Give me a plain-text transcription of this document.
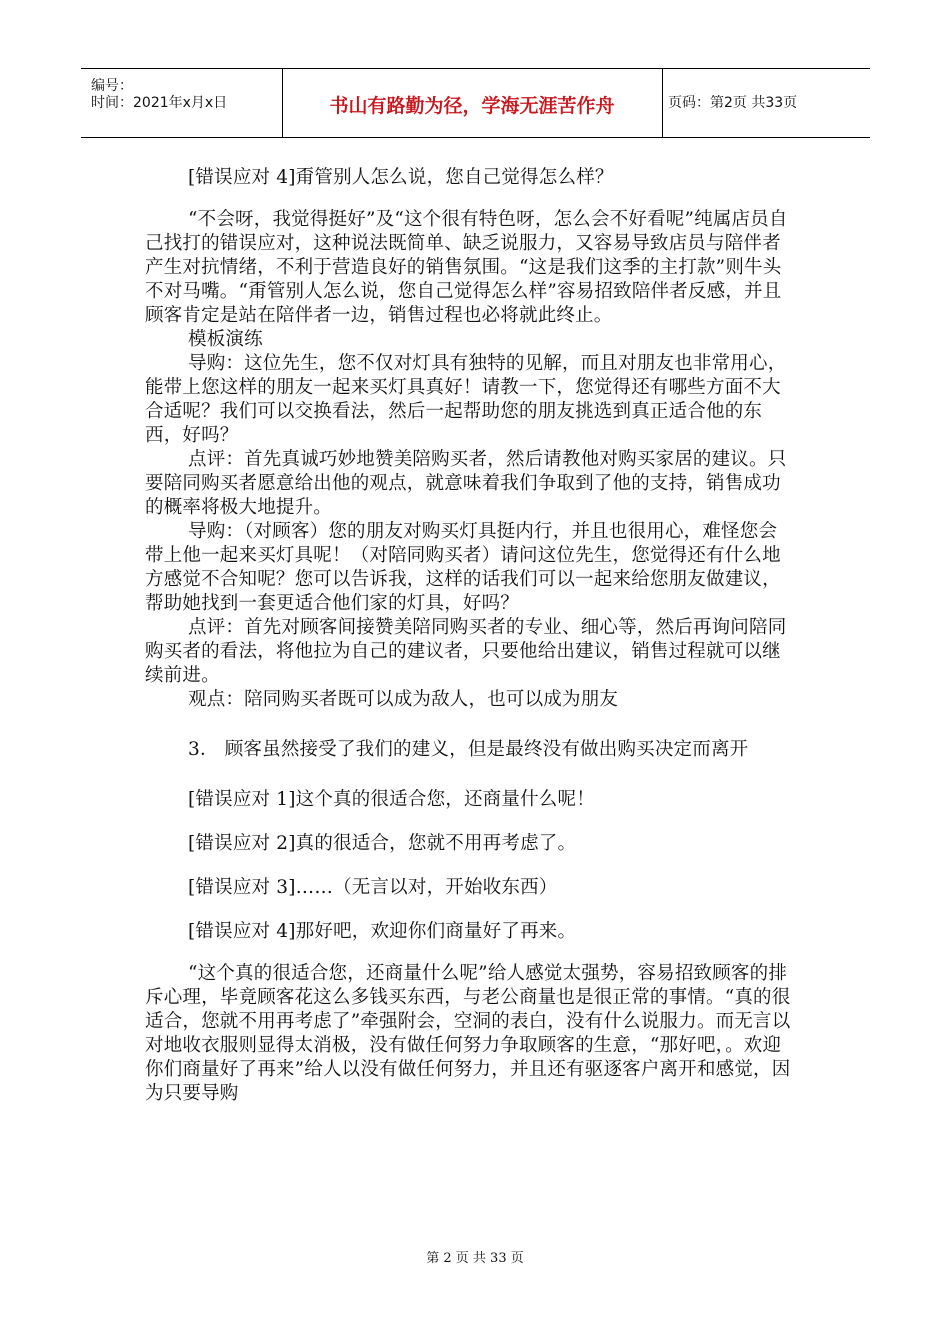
编号：
时间：2021年x月x日	书山有路勤为径，学海无涯苦作舟	页码：第2页 共33页

[错误应对 4]甭管别人怎么说，您自己觉得怎么样？

“不会呀，我觉得挺好”及“这个很有特色呀，怎么会不好看呢”纯属店员自己找打的错误应对，这种说法既简单、缺乏说服力，又容易导致店员与陪伴者产生对抗情绪，不利于营造良好的销售氛围。“这是我们这季的主打款”则牛头不对马嘴。“甭管别人怎么说，您自己觉得怎么样”容易招致陪伴者反感，并且顾客肯定是站在陪伴者一边，销售过程也必将就此终止。

模板演练

导购：这位先生，您不仅对灯具有独特的见解，而且对朋友也非常用心，能带上您这样的朋友一起来买灯具真好！请教一下，您觉得还有哪些方面不大合适呢？我们可以交换看法，然后一起帮助您的朋友挑选到真正适合他的东西，好吗？

点评：首先真诚巧妙地赞美陪购买者，然后请教他对购买家居的建议。只要陪同购买者愿意给出他的观点，就意味着我们争取到了他的支持，销售成功的概率将极大地提升。

导购：（对顾客）您的朋友对购买灯具挺内行，并且也很用心，难怪您会带上他一起来买灯具呢！（对陪同购买者）请问这位先生，您觉得还有什么地方感觉不合知呢？您可以告诉我，这样的话我们可以一起来给您朋友做建议，帮助她找到一套更适合他们家的灯具，好吗？

点评：首先对顾客间接赞美陪同购买者的专业、细心等，然后再询问陪同购买者的看法，将他拉为自己的建议者，只要他给出建议，销售过程就可以继续前进。

观点：陪同购买者既可以成为敌人，也可以成为朋友

3． 顾客虽然接受了我们的建义，但是最终没有做出购买决定而离开

[错误应对 1]这个真的很适合您，还商量什么呢！

[错误应对 2]真的很适合，您就不用再考虑了。

[错误应对 3]……（无言以对，开始收东西）

[错误应对 4]那好吧，欢迎你们商量好了再来。

“这个真的很适合您，还商量什么呢”给人感觉太强势，容易招致顾客的排斥心理，毕竟顾客花这么多钱买东西，与老公商量也是很正常的事情。“真的很适合，您就不用再考虑了”牵强附会，空洞的表白，没有什么说服力。而无言以对地收衣服则显得太消极，没有做任何努力争取顾客的生意，“那好吧，。欢迎你们商量好了再来”给人以没有做任何努力，并且还有驱逐客户离开和感觉，因为只要导购

第 2 页 共 33 页
